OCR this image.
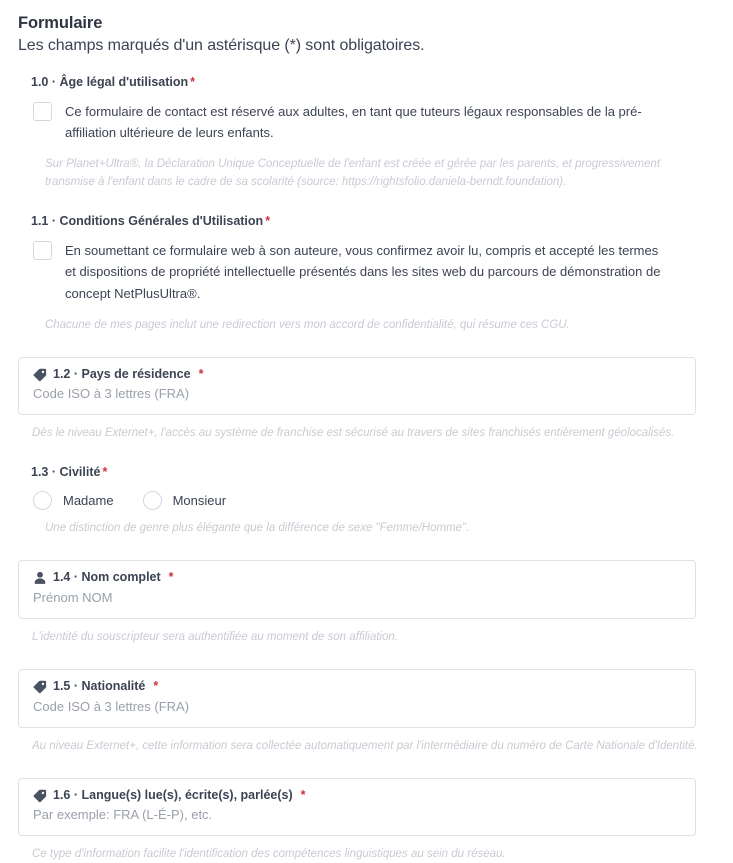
Formulaire

Les champs marqués d'un astérisque (*) sont obligatoires.

1.0 · Âge légal d'utilisation *
Ce formulaire de contact est réservé aux adultes, en tant que tuteurs légaux responsables de la pré-affiliation ultérieure de leurs enfants.
Sur Planet+Ultra®, la Déclaration Unique Conceptuelle de l'enfant est créée et gérée par les parents, et progressivement transmise à l'enfant dans le cadre de sa scolarité (source: https://rightsfolio.daniela-berndt.foundation).
1.1 · Conditions Générales d'Utilisation *
En soumettant ce formulaire web à son auteure, vous confirmez avoir lu, compris et accepté les termes et dispositions de propriété intellectuelle présentés dans les sites web du parcours de démonstration de concept NetPlusUltra®.
Chacune de mes pages inclut une redirection vers mon accord de confidentialité, qui résume ces CGU.
1.2 · Pays de résidence *
Code ISO à 3 lettres (FRA)
Dès le niveau Externet+, l'accès au système de franchise est sécurisé au travers de sites franchisés entièrement géolocalisés.
1.3 · Civilité *
Madame	Monsieur
Une distinction de genre plus élégante que la différence de sexe "Femme/Homme".
1.4 · Nom complet *
Prénom NOM
L'identité du souscripteur sera authentifiée au moment de son affiliation.
1.5 · Nationalité *
Code ISO à 3 lettres (FRA)
Au niveau Externet+, cette information sera collectée automatiquement par l'intermédiaire du numéro de Carte Nationale d'Identité.
1.6 · Langue(s) lue(s), écrite(s), parlée(s) *
Par exemple: FRA (L-É-P), etc.
Ce type d'information facilite l'identification des compétences linguistiques au sein du réseau.
